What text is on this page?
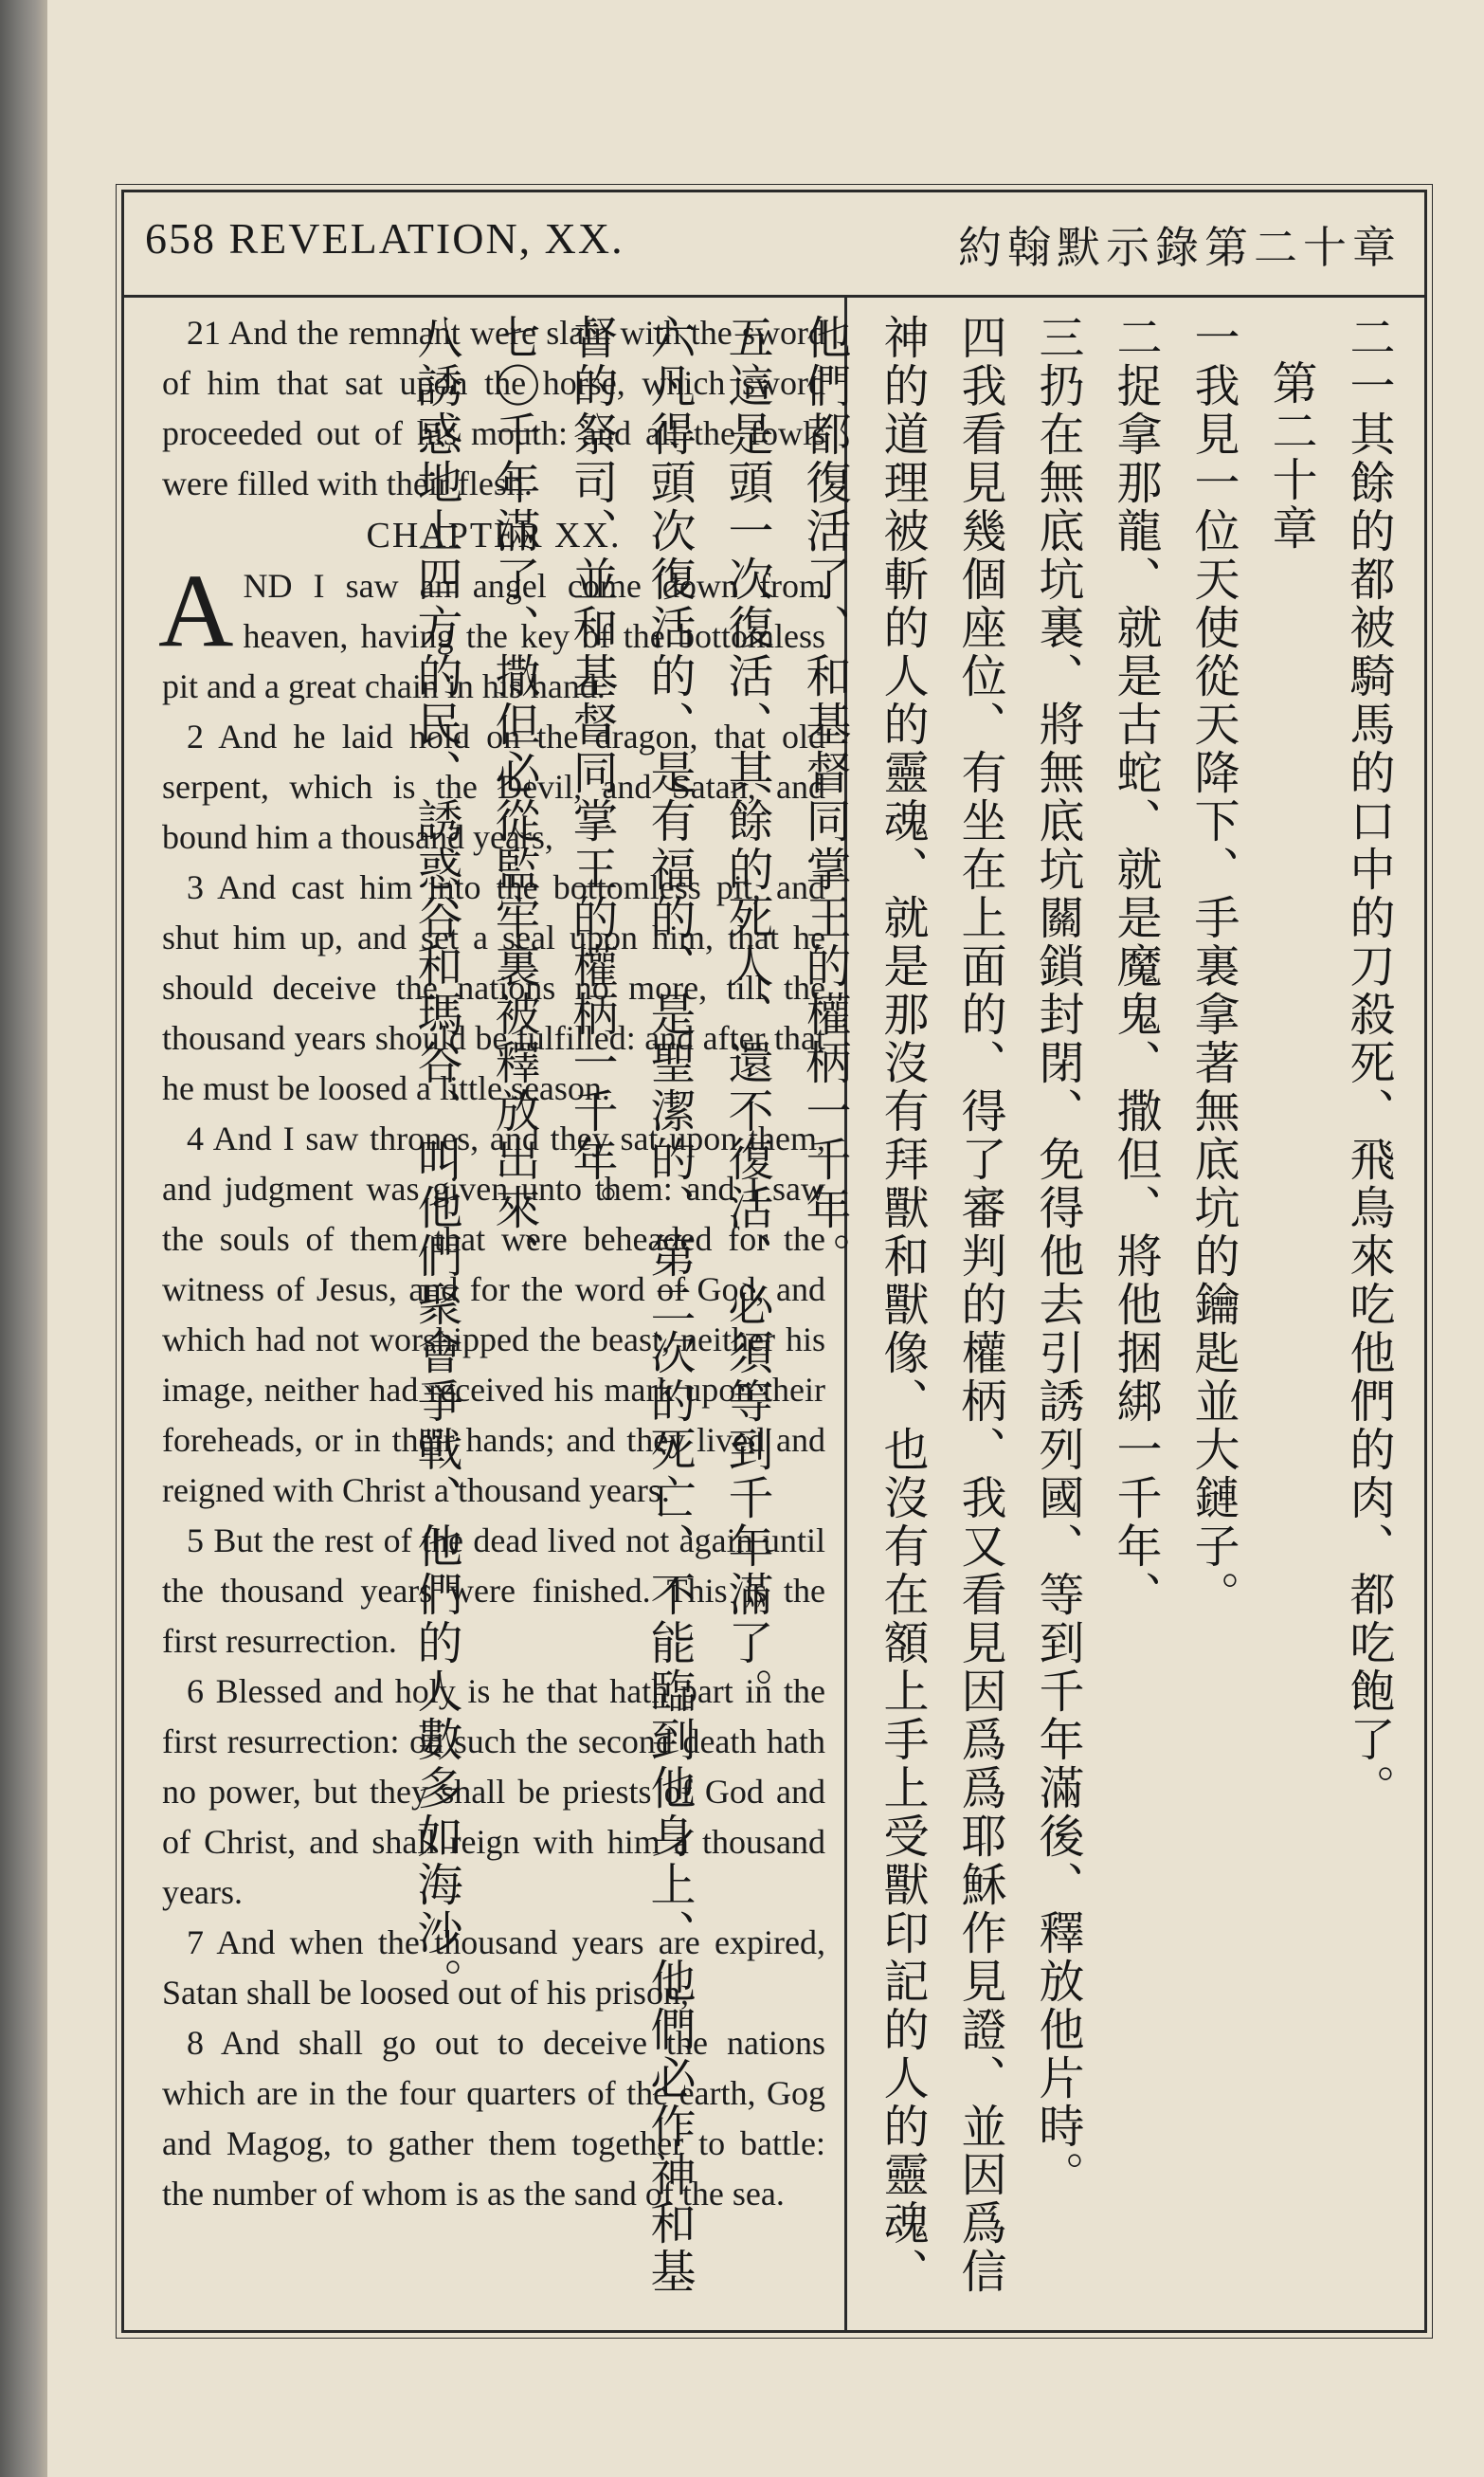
658 REVELATION, XX.	約翰默示錄第二十章

21 And the remnant were slain with the sword of him that sat upon the horse, which sword proceeded out of his mouth: and all the fowls were filled with their flesh.

CHAPTER XX.

A ND I saw an angel come down from heaven, having the key of the bottomless pit and a great chain in his hand.

2 And he laid hold on the dragon, that old serpent, which is the Devil, and Satan, and bound him a thousand years,

3 And cast him into the bottomless pit, and shut him up, and set a seal upon him, that he should deceive the nations no more, till the thousand years should be fulfilled: and after that he must be loosed a little season.

4 And I saw thrones, and they sat upon them, and judgment was given unto them: and I saw the souls of them that were beheaded for the witness of Jesus, and for the word of God, and which had not worshipped the beast, neither his image, neither had received his mark upon their foreheads, or in their hands; and they lived and reigned with Christ a thousand years.

5 But the rest of the dead lived not again until the thousand years were finished. This is the first resurrection.

6 Blessed and holy is he that hath part in the first resurrection: on such the second death hath no power, but they shall be priests of God and of Christ, and shall reign with him a thousand years.

7 And when the thousand years are expired, Satan shall be loosed out of his prison,

8 And shall go out to deceive the nations which are in the four quarters of the earth, Gog and Magog, to gather them together to battle: the number of whom is as the sand of the sea.

二一其餘的都被騎馬的口中的刀殺死、飛鳥來吃他們的肉、都吃飽了。

第二十章

一我見一位天使從天降下、手裏拿著無底坑的鑰匙並大鏈子。

二捉拿那龍、就是古蛇、就是魔鬼、撒但、將他捆綁一千年、

三扔在無底坑裏、將無底坑關鎖封閉、免得他去引誘列國、等到千年滿後、釋放他片時。

四我看見幾個座位、有坐在上面的、得了審判的權柄、我又看見因爲爲耶穌作見證、並因爲信神的道理被斬的人的靈魂、就是那沒有拜獸和獸像、也沒有在額上手上受獸印記的人的靈魂、他們都復活了、和基督同掌王的權柄一千年。

五這是頭一次復活、其餘的死人、還不復活、必須等到千年滿了。

六凡得頭次復活的、是有福的、是聖潔的、第二次的死亡、不能臨到他身上、他們必作神和基督的祭司、並和基督同掌王的權柄一千年。

七〇千年滿了、撒但必從監牢裏被釋放出來、

八誘惑地上四方的民、誘惑谷和瑪谷、叫他們聚會爭戰、他們的人數多如海沙。
